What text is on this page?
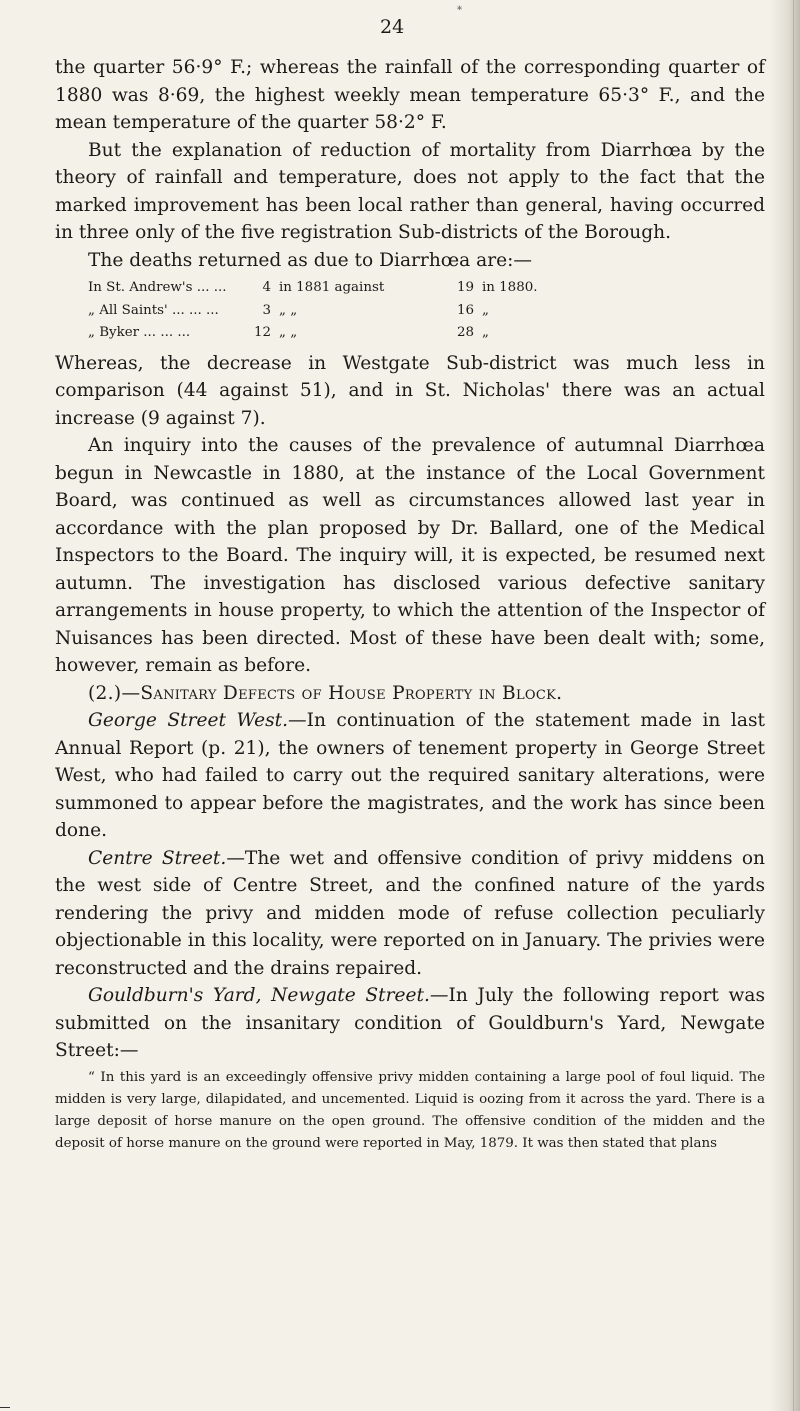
*
24

the quarter 56·9° F.; whereas the rainfall of the corresponding quarter of 1880 was 8·69, the highest weekly mean temperature 65·3° F., and the mean temperature of the quarter 58·2° F.

But the explanation of reduction of mortality from Diarrhœa by the theory of rainfall and temperature, does not apply to the fact that the marked improvement has been local rather than general, having occurred in three only of the five registration Sub-districts of the Borough.

The deaths returned as due to Diarrhœa are:—

In St. Andrew's ... ...	4 in 1881 against	19 in 1880.
„ All Saints' ... ... ...	3 „ „	16 „
„ Byker ... ... ...	12 „ „	28 „

Whereas, the decrease in Westgate Sub-district was much less in comparison (44 against 51), and in St. Nicholas' there was an actual increase (9 against 7).

An inquiry into the causes of the prevalence of autumnal Diarrhœa begun in Newcastle in 1880, at the instance of the Local Government Board, was continued as well as circumstances allowed last year in accordance with the plan proposed by Dr. Ballard, one of the Medical Inspectors to the Board. The inquiry will, it is expected, be resumed next autumn. The investigation has disclosed various defective sanitary arrangements in house property, to which the attention of the Inspector of Nuisances has been directed. Most of these have been dealt with; some, however, remain as before.

(2.)—Sanitary Defects of House Property in Block.

George Street West.—In continuation of the statement made in last Annual Report (p. 21), the owners of tenement property in George Street West, who had failed to carry out the required sanitary alterations, were summoned to appear before the magistrates, and the work has since been done.

Centre Street.—The wet and offensive condition of privy middens on the west side of Centre Street, and the confined nature of the yards rendering the privy and midden mode of refuse collection peculiarly objectionable in this locality, were reported on in January. The privies were reconstructed and the drains repaired.

Gouldburn's Yard, Newgate Street.—In July the following report was submitted on the insanitary condition of Gouldburn's Yard, Newgate Street:—

“ In this yard is an exceedingly offensive privy midden containing a large pool of foul liquid. The midden is very large, dilapidated, and uncemented. Liquid is oozing from it across the yard. There is a large deposit of horse manure on the open ground. The offensive condition of the midden and the deposit of horse manure on the ground were reported in May, 1879. It was then stated that plans
